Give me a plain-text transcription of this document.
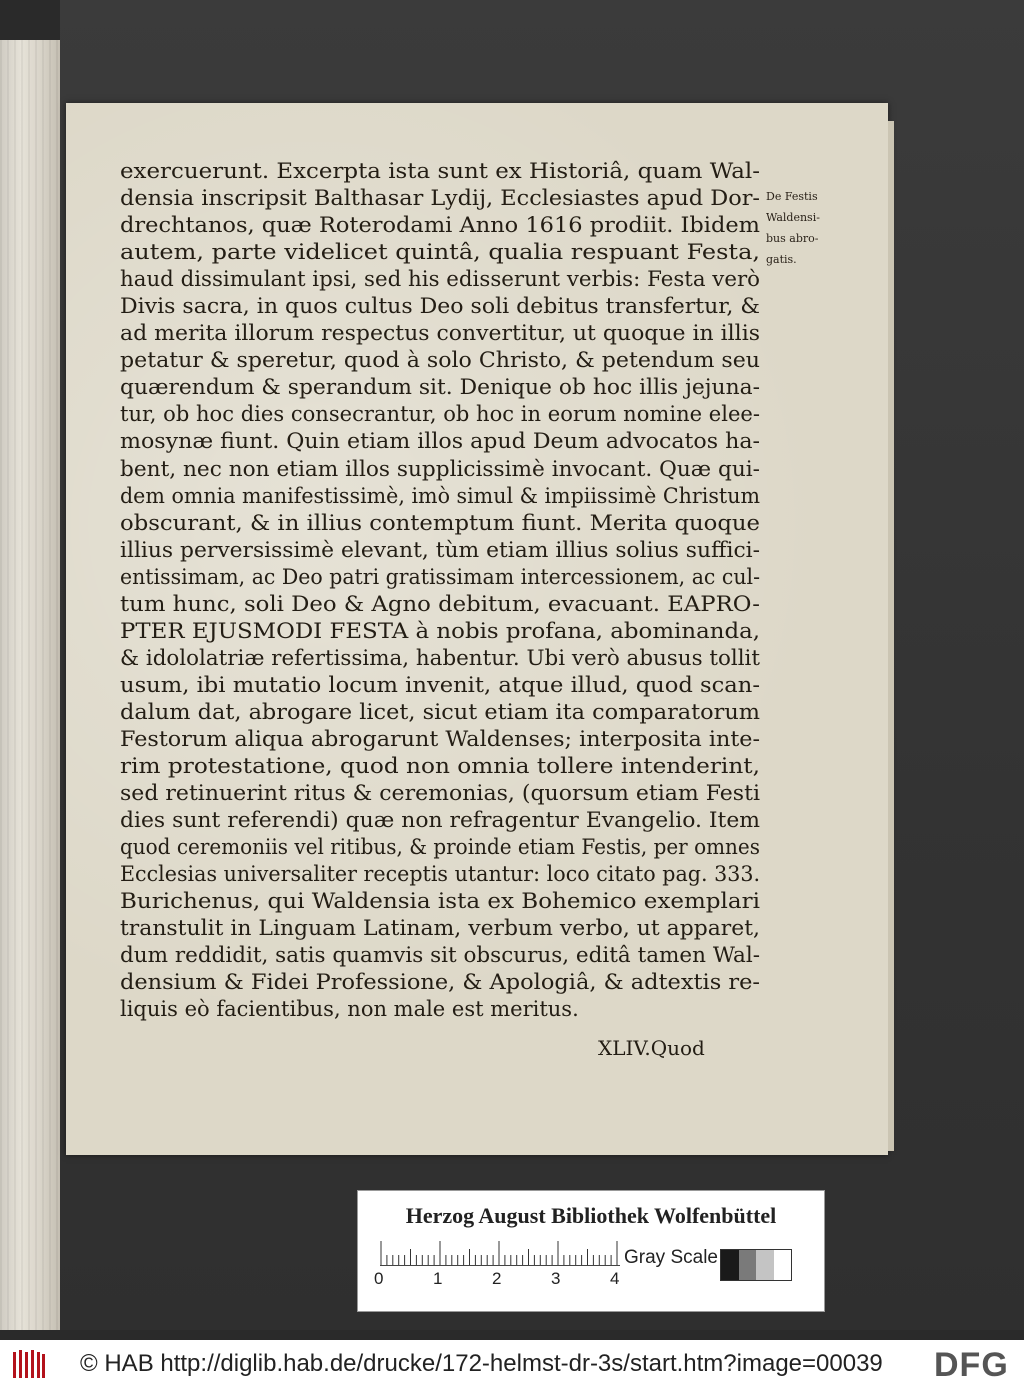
exercuerunt. Excerpta ista sunt ex Historiâ, quam Wal-
densia inscripsit Balthasar Lydij, Ecclesiastes apud Dor-
drechtanos, quæ Roterodami Anno 1616 prodiit. Ibidem
autem, parte videlicet quintâ, qualia respuant Festa,
haud dissimulant ipsi, sed his edisserunt verbis: Festa verò
Divis sacra, in quos cultus Deo soli debitus transfertur, &
ad merita illorum respectus convertitur, ut quoque in illis
petatur & speretur, quod à solo Christo, & petendum seu
quærendum & sperandum sit. Denique ob hoc illis jejuna-
tur, ob hoc dies consecrantur, ob hoc in eorum nomine elee-
mosynæ fiunt. Quin etiam illos apud Deum advocatos ha-
bent, nec non etiam illos supplicissimè invocant. Quæ qui-
dem omnia manifestissimè, imò simul & impiissimè Christum
obscurant, & in illius contemptum fiunt. Merita quoque
illius perversissimè elevant, tùm etiam illius solius suffici-
entissimam, ac Deo patri gratissimam intercessionem, ac cul-
tum hunc, soli Deo & Agno debitum, evacuant. EAPRO-
PTER EJUSMODI FESTA à nobis profana, abominanda,
& idololatriæ refertissima, habentur. Ubi verò abusus tollit
usum, ibi mutatio locum invenit, atque illud, quod scan-
dalum dat, abrogare licet, sicut etiam ita comparatorum
Festorum aliqua abrogarunt Waldenses; interposita inte-
rim protestatione, quod non omnia tollere intenderint,
sed retinuerint ritus & ceremonias, (quorsum etiam Festi
dies sunt referendi) quæ non refragentur Evangelio. Item
quod ceremoniis vel ritibus, & proinde etiam Festis, per omnes
Ecclesias universaliter receptis utantur: loco citato pag. 333.
Burichenus, qui Waldensia ista ex Bohemico exemplari
transtulit in Linguam Latinam, verbum verbo, ut apparet,
dum reddidit, satis quamvis sit obscurus, editâ tamen Wal-
densium & Fidei Professione, & Apologiâ, & adtextis re-
liquis eò facientibus, non male est meritus.
De Festis
Waldensi-
bus abro-
gatis.
XLIV.Quod
Herzog August Bibliothek Wolfenbüttel
0	1	2	3	4
Gray Scale
© HAB http://diglib.hab.de/drucke/172-helmst-dr-3s/start.htm?image=00039 DFG
